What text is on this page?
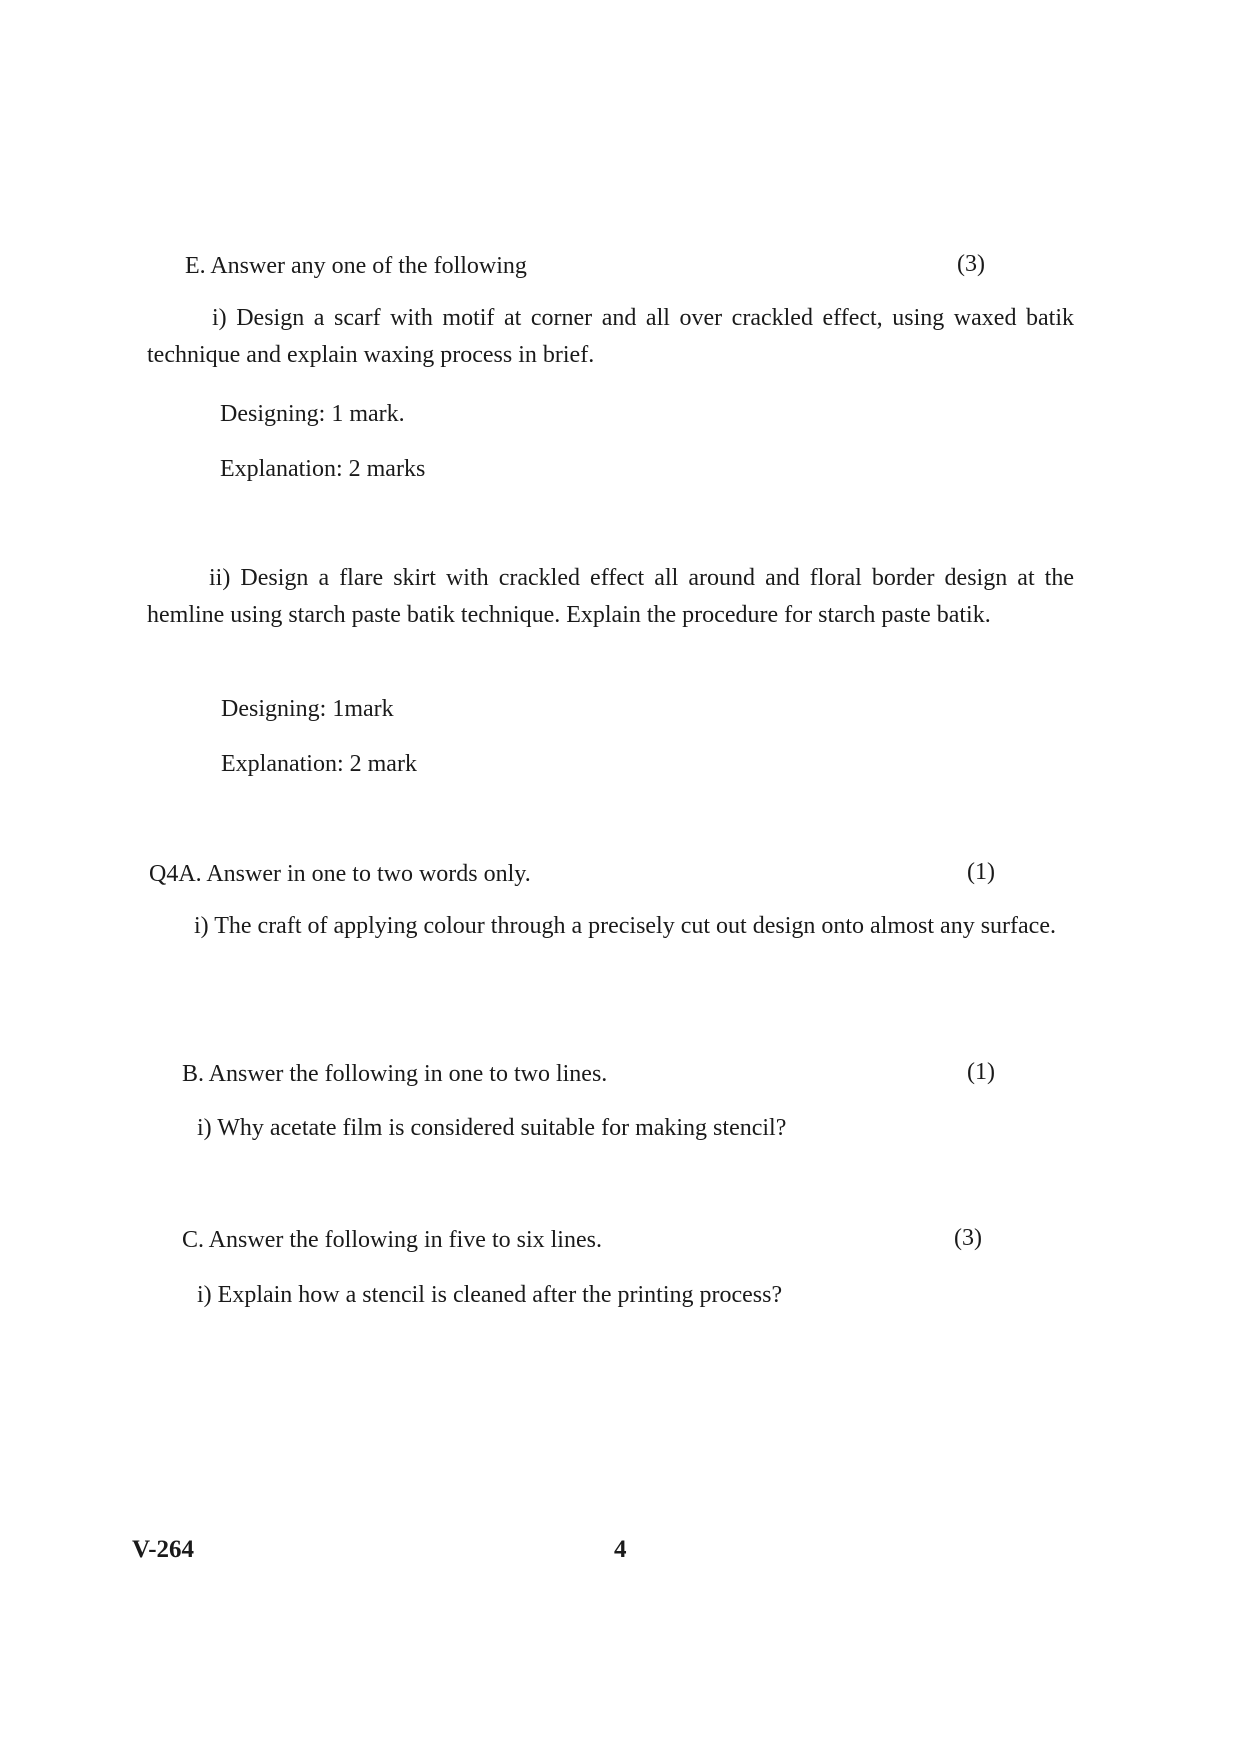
E. Answer any one of the following	(3)
i) Design a scarf with motif at corner and all over crackled effect, using waxed batik technique and explain waxing process in brief.
Designing: 1 mark.
Explanation: 2 marks
ii) Design a flare skirt with crackled effect all around and floral border design at the hemline using starch paste batik technique. Explain the procedure for starch paste batik.
Designing: 1mark
Explanation: 2 mark
Q4A. Answer in one to two words only.	(1)
i) The craft of applying colour through a precisely cut out design onto almost any surface.
B. Answer the following in one to two lines.	(1)
i) Why acetate film is considered suitable for making stencil?
C. Answer the following in five to six lines.	(3)
i) Explain how a stencil is cleaned after the printing process?
V-264	4
